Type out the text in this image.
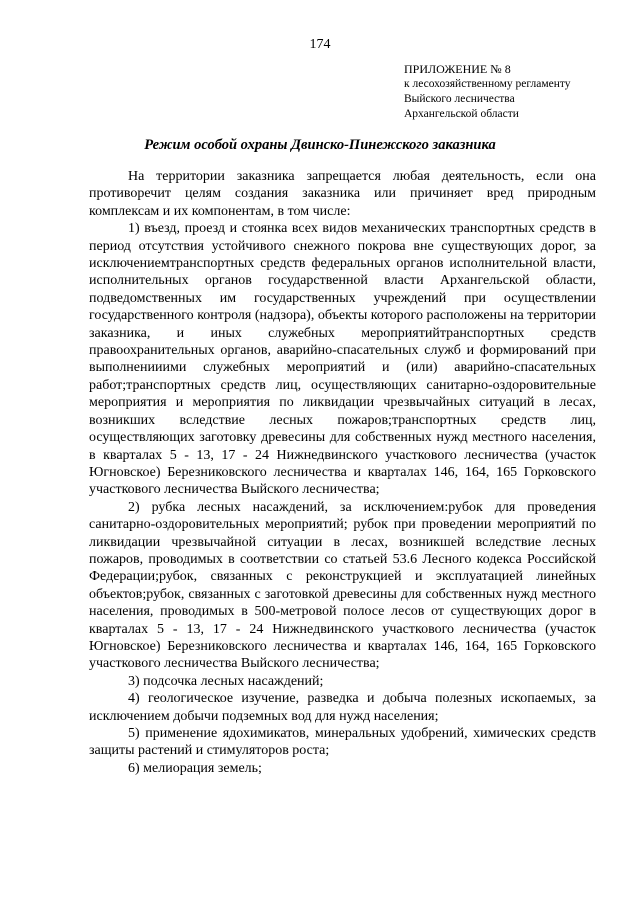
174
ПРИЛОЖЕНИЕ № 8
к лесохозяйственному регламенту
Выйского лесничества
Архангельской области
Режим особой охраны Двинско-Пинежского заказника

На территории заказника запрещается любая деятельность, если она противоречит целям создания заказника или причиняет вред природным комплексам и их компонентам, в том числе:

1) въезд, проезд и стоянка всех видов механических транспортных средств в период отсутствия устойчивого снежного покрова вне существующих дорог, за исключениемтранспортных средств федеральных органов исполнительной власти, исполнительных органов государственной власти Архангельской области, подведомственных им государственных учреждений при осуществлении государственного контроля (надзора), объекты которого расположены на территории заказника, и иных служебных мероприятийтранспортных средств правоохранительных органов, аварийно-спасательных служб и формирований при выполненииими служебных мероприятий и (или) аварийно-спасательных работ;транспортных средств лиц, осуществляющих санитарно-оздоровительные мероприятия и мероприятия по ликвидации чрезвычайных ситуаций в лесах, возникших вследствие лесных пожаров;транспортных средств лиц, осуществляющих заготовку древесины для собственных нужд местного населения, в кварталах 5 - 13, 17 - 24 Нижнедвинского участкового лесничества (участок Югновское) Березниковского лесничества и кварталах 146, 164, 165 Горковского участкового лесничества Выйского лесничества;

2) рубка лесных насаждений, за исключением:рубок для проведения санитарно-оздоровительных мероприятий; рубок при проведении мероприятий по ликвидации чрезвычайной ситуации в лесах, возникшей вследствие лесных пожаров, проводимых в соответствии со статьей 53.6 Лесного кодекса Российской Федерации;рубок, связанных с реконструкцией и эксплуатацией линейных объектов;рубок, связанных с заготовкой древесины для собственных нужд местного населения, проводимых в 500-метровой полосе лесов от существующих дорог в кварталах 5 - 13, 17 - 24 Нижнедвинского участкового лесничества (участок Югновское) Березниковского лесничества и кварталах 146, 164, 165 Горковского участкового лесничества Выйского лесничества;

3) подсочка лесных насаждений;

4) геологическое изучение, разведка и добыча полезных ископаемых, за исключением добычи подземных вод для нужд населения;

5) применение ядохимикатов, минеральных удобрений, химических средств защиты растений и стимуляторов роста;

6) мелиорация земель;
